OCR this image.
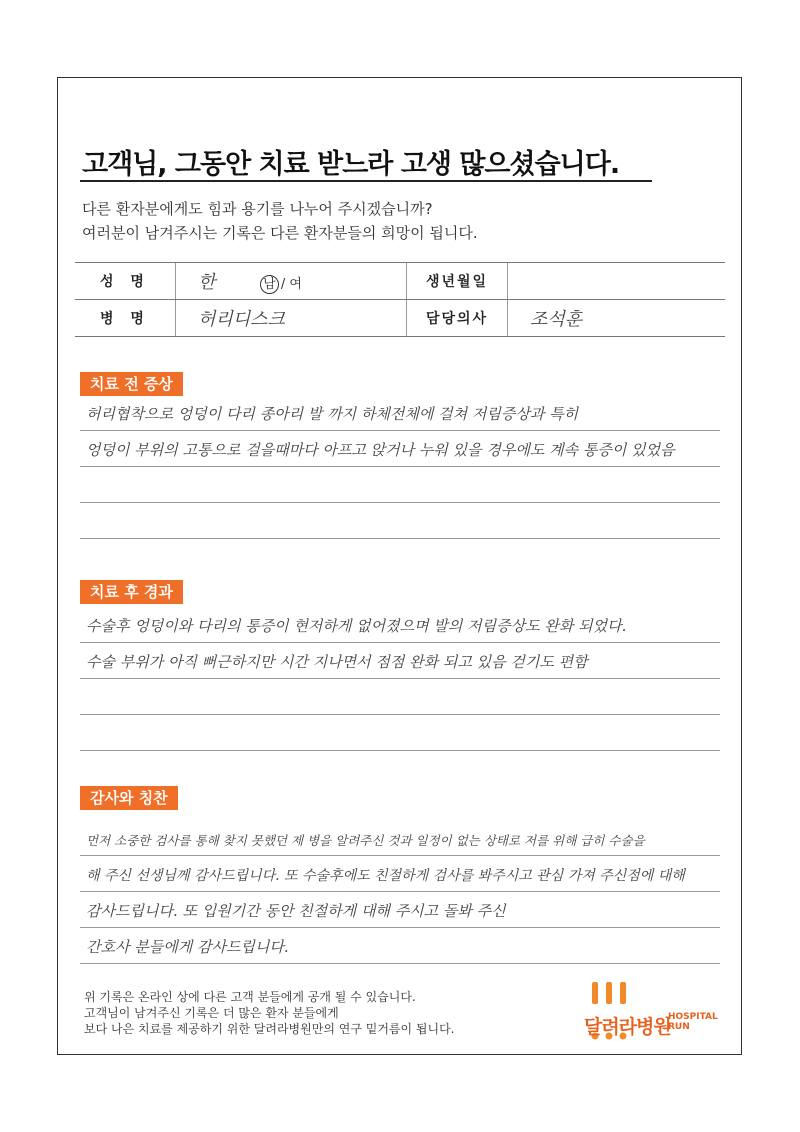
고객님, 그동안 치료 받느라 고생 많으셨습니다.
다른 환자분에게도 힘과 용기를 나누어 주시겠습니까?
여러분이 남겨주시는 기록은 다른 환자분들의 희망이 됩니다.
성 명	한 남 / 여	생년월일	
병 명	허리디스크	담당의사	조석훈
치료 전 증상
허리협착으로 엉덩이 다리 종아리 발 까지 하체전체에 걸쳐 저림증상과 특히
엉덩이 부위의 고통으로 걸을때마다 아프고 앉거나 누워 있을 경우에도 계속 통증이 있었음
치료 후 경과
수술후 엉덩이와 다리의 통증이 현저하게 없어졌으며 발의 저림증상도 완화 되었다.
수술 부위가 아직 뻐근하지만 시간 지나면서 점점 완화 되고 있음 걷기도 편함
감사와 칭찬
먼저 소중한 검사를 통해 찾지 못했던 제 병을 알려주신 것과 일정이 없는 상태로 저를 위해 급히 수술을
해 주신 선생님께 감사드립니다. 또 수술후에도 친절하게 검사를 봐주시고 관심 가져 주신점에 대해
감사드립니다. 또 입원기간 동안 친절하게 대해 주시고 돌봐 주신
간호사 분들에게 감사드립니다.
위 기록은 온라인 상에 다른 고객 분들에게 공개 될 수 있습니다.
고객님이 남겨주신 기록은 더 많은 환자 분들에게
보다 나은 치료를 제공하기 위한 달려라병원만의 연구 밑거름이 됩니다.	달려라병원
HOSPITAL
RUN
